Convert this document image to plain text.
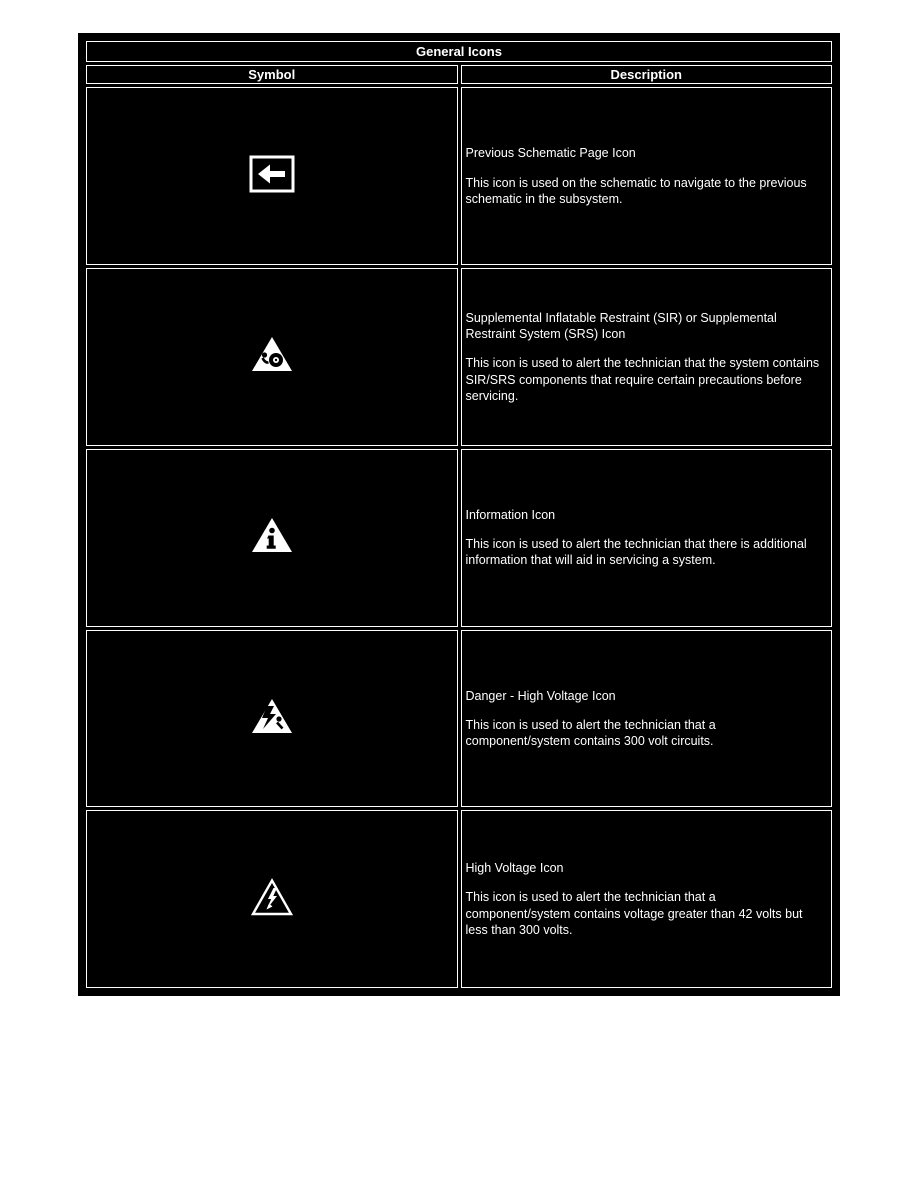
General Icons	
Symbol	Description

Previous Schematic Page Icon
This icon is used on the schematic to navigate to the previous schematic in the subsystem.

Supplemental Inflatable Restraint (SIR) or Supplemental Restraint System (SRS) Icon
This icon is used to alert the technician that the system contains SIR/SRS components that require certain precautions before servicing.

Information Icon
This icon is used to alert the technician that there is additional information that will aid in servicing a system.

Danger - High Voltage Icon
This icon is used to alert the technician that a component/system contains 300 volt circuits.

High Voltage Icon
This icon is used to alert the technician that a component/system contains voltage greater than 42 volts but less than 300 volts.
